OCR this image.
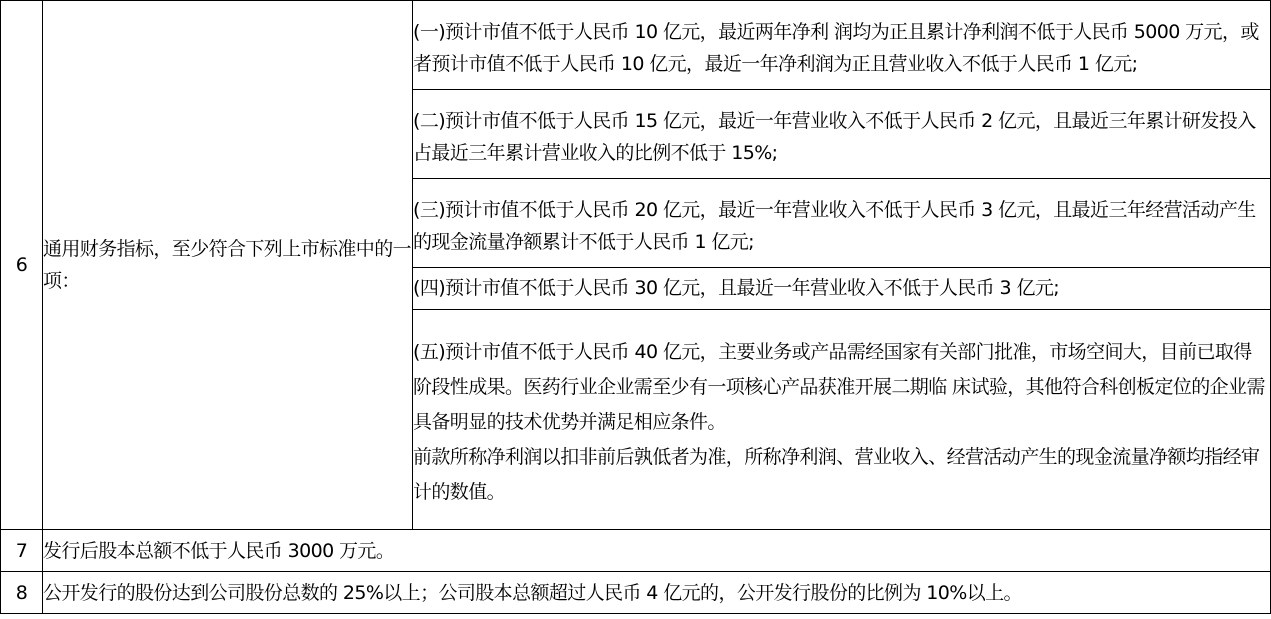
6	通用财务指标，至少符合下列上市标准中的一项：	(一)预计市值不低于人民币 10 亿元，最近两年净利 润均为正且累计净利润不低于人民币 5000 万元，或者预计市值不低于人民币 10 亿元，最近一年净利润为正且营业收入不低于人民币 1 亿元;
		(二)预计市值不低于人民币 15 亿元，最近一年营业收入不低于人民币 2 亿元，且最近三年累计研发投入占最近三年累计营业收入的比例不低于 15%;
		(三)预计市值不低于人民币 20 亿元，最近一年营业收入不低于人民币 3 亿元，且最近三年经营活动产生的现金流量净额累计不低于人民币 1 亿元;
		(四)预计市值不低于人民币 30 亿元，且最近一年营业收入不低于人民币 3 亿元;

		(五)预计市值不低于人民币 40 亿元，主要业务或产品需经国家有关部门批准，市场空间大，目前已取得阶段性成果。医药行业企业需至少有一项核心产品获准开展二期临 床试验，其他符合科创板定位的企业需具备明显的技术优势并满足相应条件。
前款所称净利润以扣非前后孰低者为准，所称净利润、营业收入、经营活动产生的现金流量净额均指经审计的数值。

7	发行后股本总额不低于人民币 3000 万元。	
8	公开发行的股份达到公司股份总数的 25%以上；公司股本总额超过人民币 4 亿元的，公开发行股份的比例为 10%以上。	
